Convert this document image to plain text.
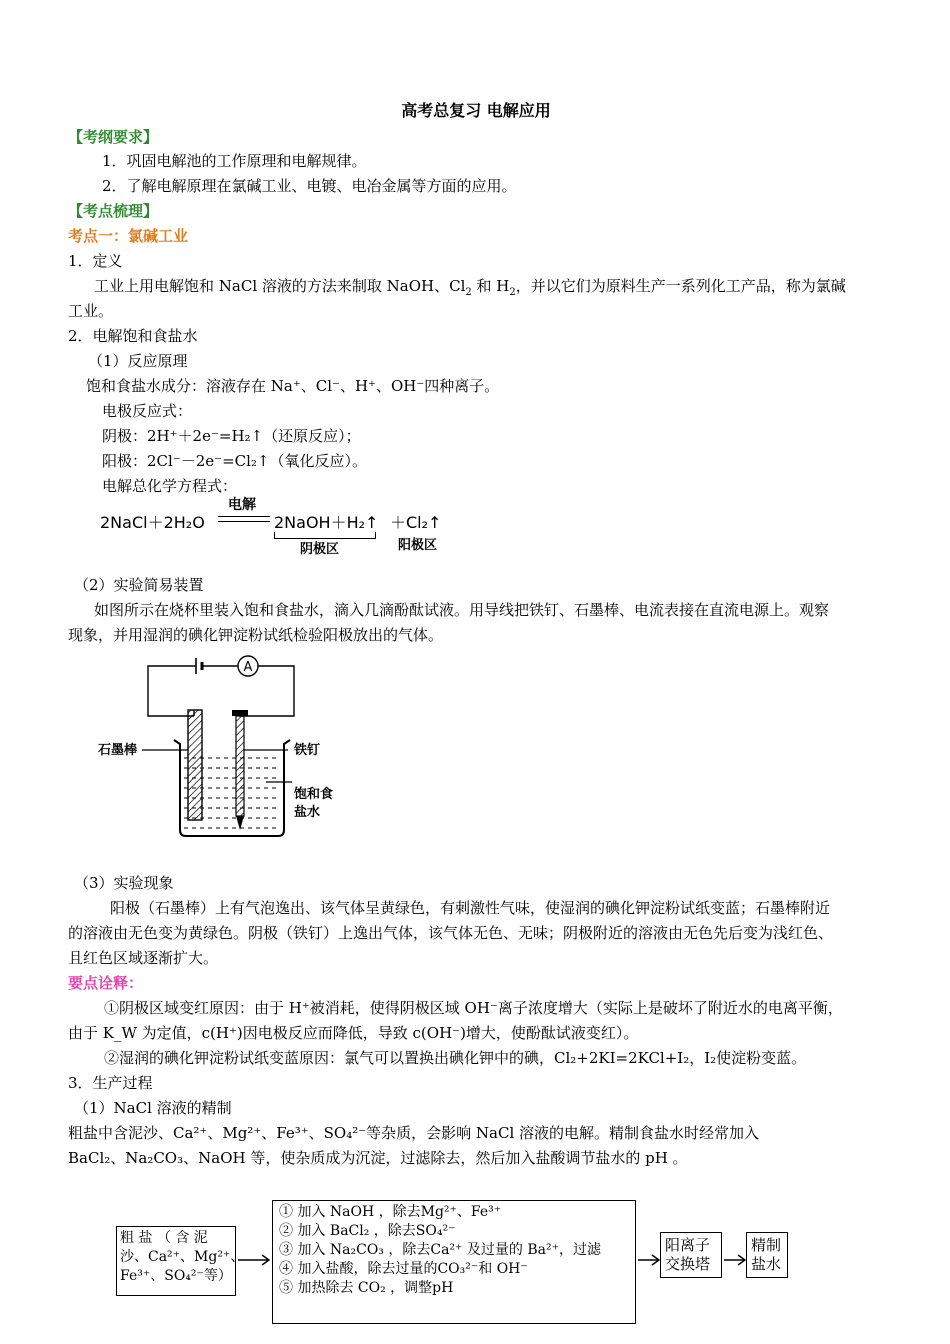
高考总复习 电解应用
【考纲要求】
1．巩固电解池的工作原理和电解规律。
2．了解电解原理在氯碱工业、电镀、电冶金属等方面的应用。
【考点梳理】
考点一：氯碱工业
1．定义
工业上用电解饱和 NaCl 溶液的方法来制取 NaOH、$Cl_2$ 和 $H_2$，并以它们为原料生产一系列化工产品，称为氯碱
工业。
2．电解饱和食盐水
（1）反应原理
饱和食盐水成分：溶液存在 Na⁺、Cl⁻、H⁺、OH⁻四种离子。
电极反应式：
阴极：2H⁺＋2e⁻=H₂↑（还原反应）；
阳极：2Cl⁻－2e⁻=Cl₂↑（氧化反应）。
电解总化学方程式：
2NaCl＋2H₂O
电解
2NaOH＋H₂↑ ＋Cl₂↑
阴极区	阳极区
（2）实验简易装置
如图所示在烧杯里装入饱和食盐水，滴入几滴酚酞试液。用导线把铁钉、石墨棒、电流表接在直流电源上。观察
现象，并用湿润的碘化钾淀粉试纸检验阳极放出的气体。
A
石墨棒	铁钉
饱和食
盐水
（3）实验现象
阳极（石墨棒）上有气泡逸出、该气体呈黄绿色，有刺激性气味，使湿润的碘化钾淀粉试纸变蓝；石墨棒附近
的溶液由无色变为黄绿色。阴极（铁钉）上逸出气体，该气体无色、无味；阴极附近的溶液由无色先后变为浅红色、
且红色区域逐渐扩大。
要点诠释：
①阴极区域变红原因：由于 H⁺被消耗，使得阴极区域 OH⁻离子浓度增大（实际上是破坏了附近水的电离平衡，
由于 K_W 为定值，c(H⁺)因电极反应而降低，导致 c(OH⁻)增大，使酚酞试液变红）。
②湿润的碘化钾淀粉试纸变蓝原因：氯气可以置换出碘化钾中的碘，Cl₂+2KI=2KCl+I₂，I₂使淀粉变蓝。
3．生产过程
（1）NaCl 溶液的精制
粗盐中含泥沙、Ca²⁺、Mg²⁺、Fe³⁺、SO₄²⁻等杂质，会影响 NaCl 溶液的电解。精制食盐水时经常加入
BaCl₂、Na₂CO₃、NaOH 等，使杂质成为沉淀，过滤除去，然后加入盐酸调节盐水的 pH 。
粗 盐 （ 含 泥
沙、Ca²⁺、Mg²⁺、
Fe³⁺、SO₄²⁻等）
① 加入 NaOH ，除去Mg²⁺、Fe³⁺
② 加入 BaCl₂ ，除去SO₄²⁻
③ 加入 Na₂CO₃ ，除去Ca²⁺ 及过量的 Ba²⁺，过滤
④ 加入盐酸，除去过量的CO₃²⁻和 OH⁻
⑤ 加热除去 CO₂ ，调整pH
阳离子
交换塔
精制
盐水
